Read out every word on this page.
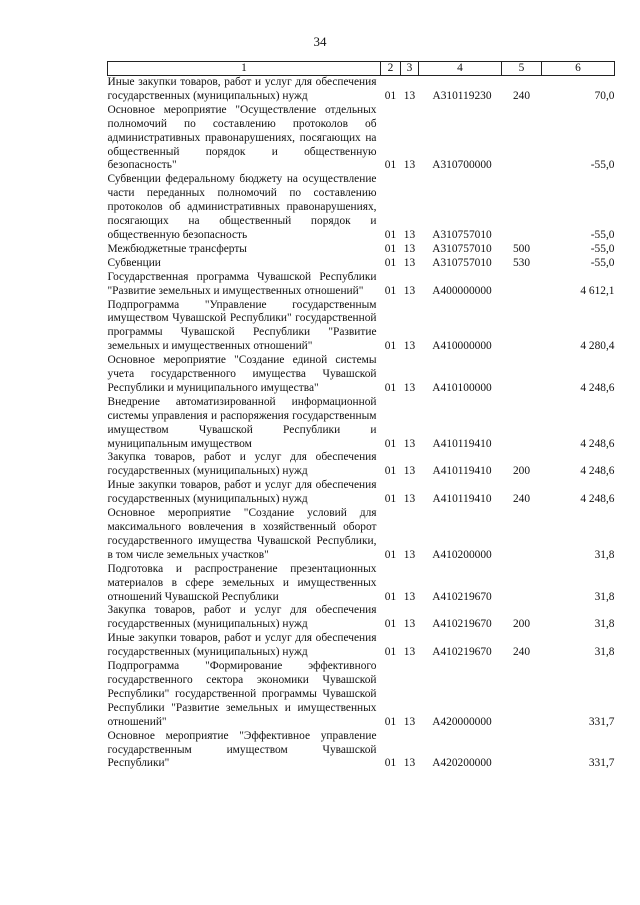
34
1	2	3	4	5	6
Иные закупки товаров, работ и услуг для обеспечения государственных (муниципальных) нужд	01	13	A310119230	240	70,0
Основное мероприятие "Осуществление отдельных полномочий по составлению протоколов об административных правонарушениях, посягающих на общественный порядок и общественную безопасность"	01	13	A310700000		-55,0
Субвенции федеральному бюджету на осуществление части переданных полномочий по составлению протоколов об административных правонарушениях, посягающих на общественный порядок и общественную безопасность	01	13	A310757010		-55,0
Межбюджетные трансферты	01	13	A310757010	500	-55,0
Субвенции	01	13	A310757010	530	-55,0
Государственная программа Чувашской Республики "Развитие земельных и имущественных отношений"	01	13	A400000000		4 612,1
Подпрограмма "Управление государственным имуществом Чувашской Республики" государственной программы Чувашской Республики "Развитие земельных и имущественных отношений"	01	13	A410000000		4 280,4
Основное мероприятие "Создание единой системы учета государственного имущества Чувашской Республики и муниципального имущества"	01	13	A410100000		4 248,6
Внедрение автоматизированной информационной системы управления и распоряжения государственным имуществом Чувашской Республики и муниципальным имуществом	01	13	A410119410		4 248,6
Закупка товаров, работ и услуг для обеспечения государственных (муниципальных) нужд	01	13	A410119410	200	4 248,6
Иные закупки товаров, работ и услуг для обеспечения государственных (муниципальных) нужд	01	13	A410119410	240	4 248,6
Основное мероприятие "Создание условий для максимального вовлечения в хозяйственный оборот государственного имущества Чувашской Республики, в том числе земельных участков"	01	13	A410200000		31,8
Подготовка и распространение презентационных материалов в сфере земельных и имущественных отношений Чувашской Республики	01	13	A410219670		31,8
Закупка товаров, работ и услуг для обеспечения государственных (муниципальных) нужд	01	13	A410219670	200	31,8
Иные закупки товаров, работ и услуг для обеспечения государственных (муниципальных) нужд	01	13	A410219670	240	31,8
Подпрограмма "Формирование эффективного государственного сектора экономики Чувашской Республики" государственной программы Чувашской Республики "Развитие земельных и имущественных отношений"	01	13	A420000000		331,7
Основное мероприятие "Эффективное управление государственным имуществом Чувашской Республики"	01	13	A420200000		331,7
